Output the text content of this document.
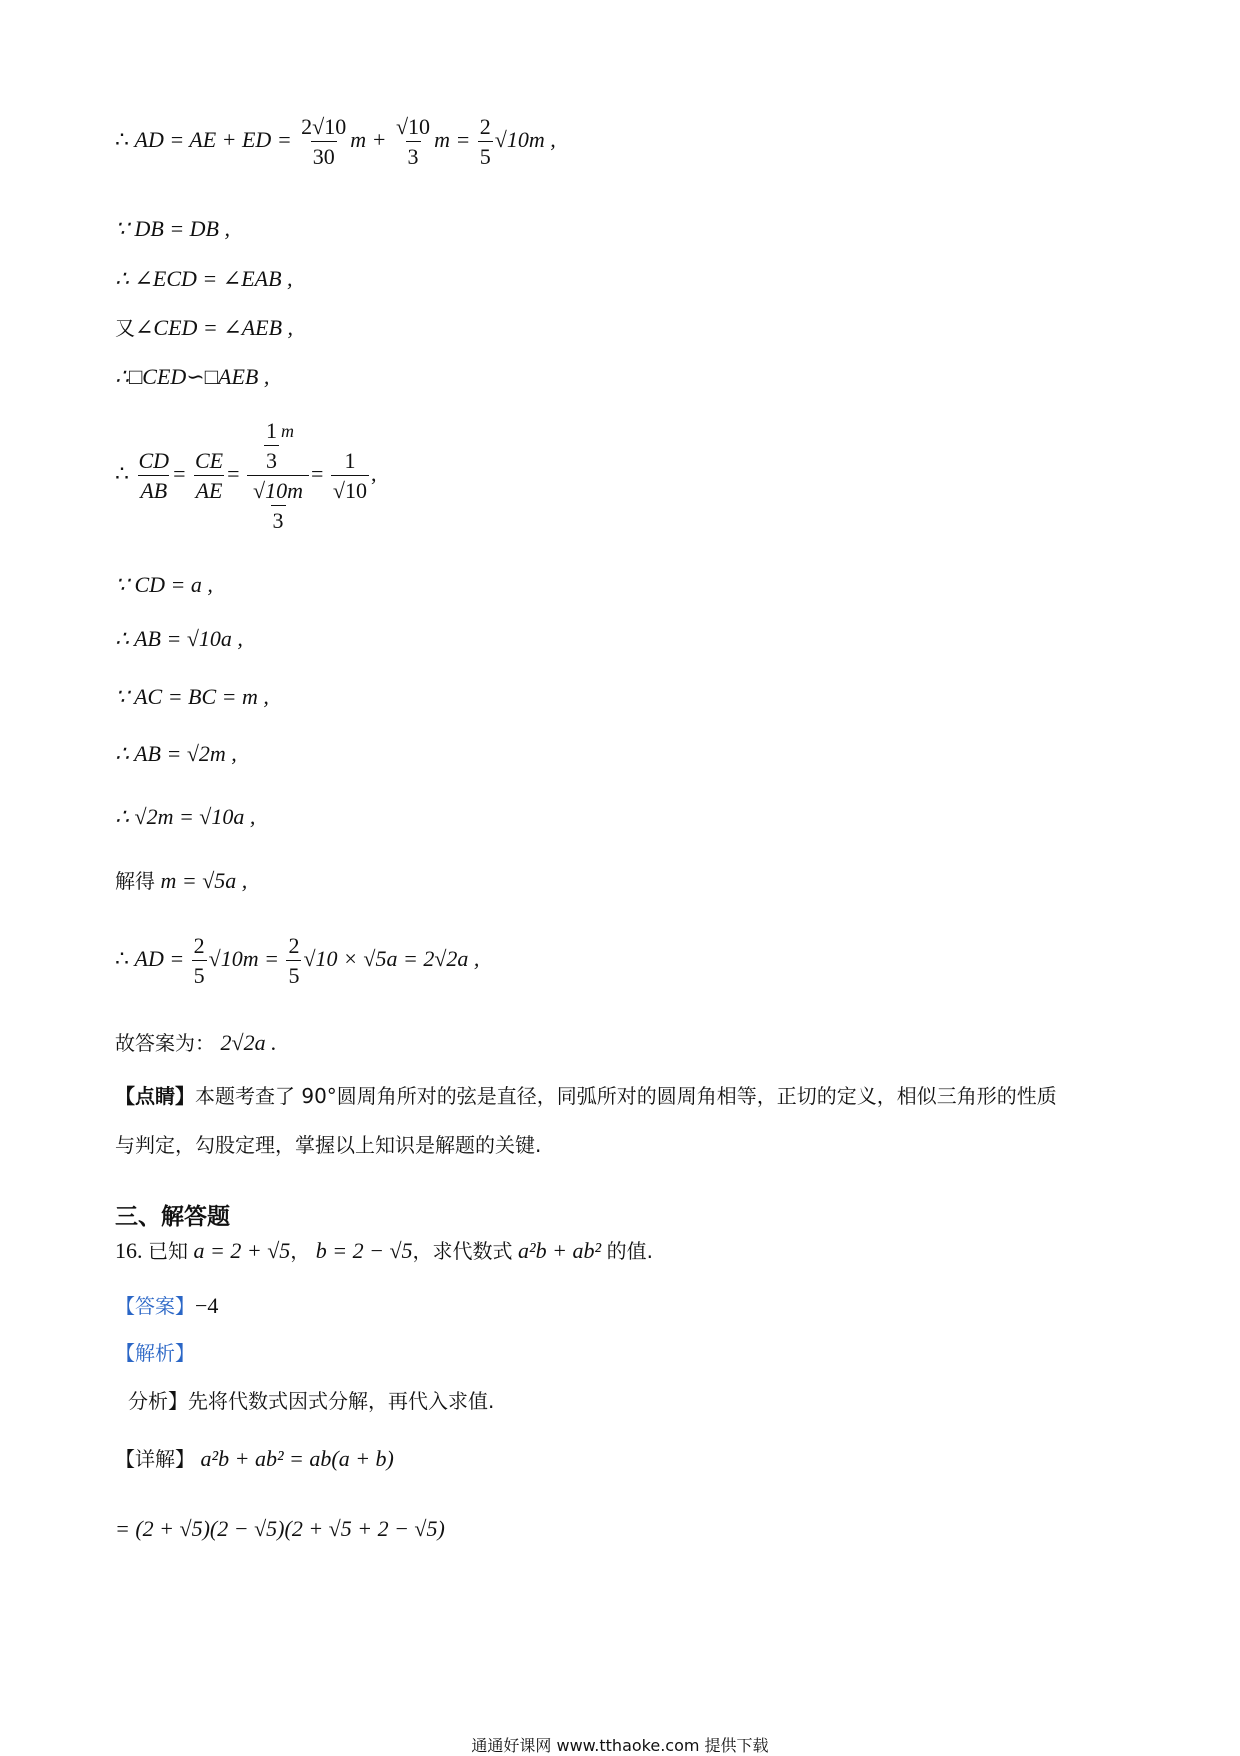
∴ AD = AE + ED = $\frac{2√10}{30}$ $m + \frac{√10}{3}$ $m = \frac{2}{5} √10m$ ,
∵ DB = DB ,
∴ ∠ECD = ∠EAB ,
又∠CED = ∠AEB ,
∴□CED∽□AEB ,
∴ $\frac{CD}{AB} = \frac{CE}{AE} = \frac{\frac{1}{3} ^m}{\frac{√10m}{3}} = \frac{1}{√10}$ ,
∵ CD = a ,
∴ AB = √10a ,
∵ AC = BC = m ,
∴ AB = √2m ,
∴ √2m = √10a ,
解得 m = √5a ,
∴ AD = $\frac{2}{5} √10m = \frac{2}{5} √10 \times √5a = 2√2a$ ,
故答案为： 2√2a .
【点睛】本题考查了 90°圆周角所对的弦是直径，同弧所对的圆周角相等，正切的定义，相似三角形的性质
与判定，勾股定理，掌握以上知识是解题的关键.
三、解答题
16. 已知 a = 2 + √5， b = 2 − √5，求代数式 a²b + ab² 的值.
【答案】−4
【解析】
分析】先将代数式因式分解，再代入求值.
【详解】 a²b + ab² = ab(a + b)
= (2 + √5)(2 − √5)(2 + √5 + 2 − √5)
通通好课网 www.tthaoke.com 提供下载
